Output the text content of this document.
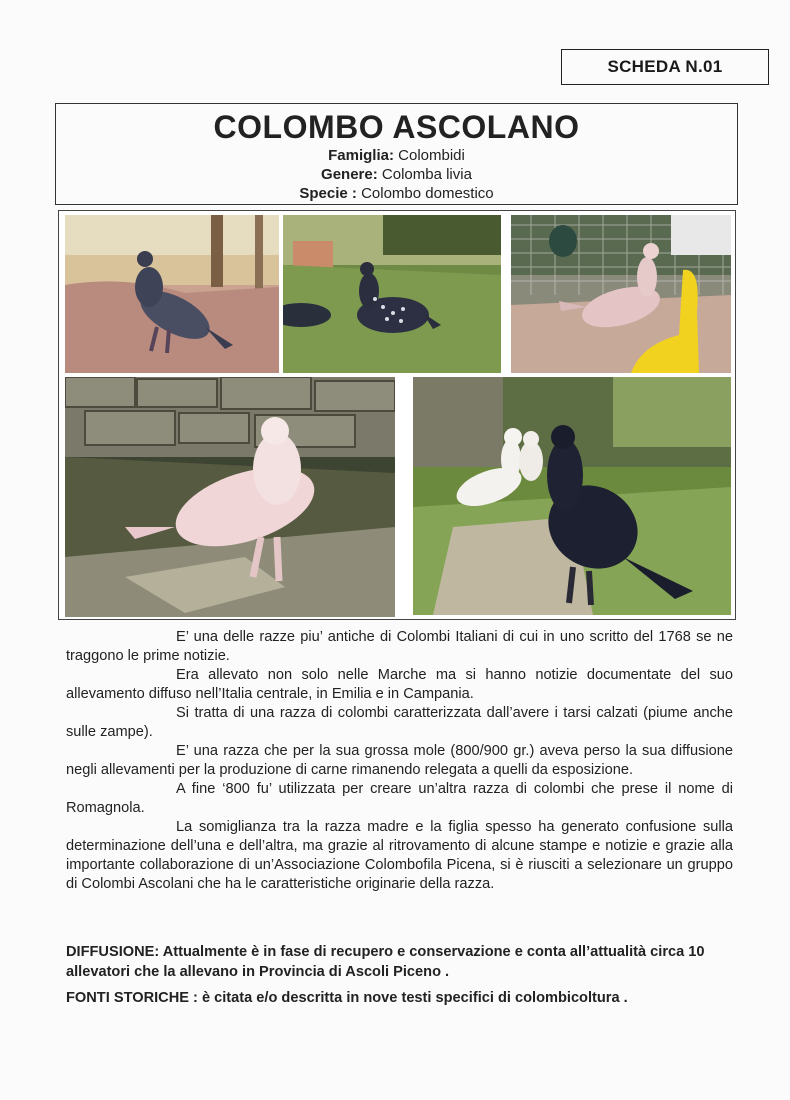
SCHEDA N.01
COLOMBO ASCOLANO
Famiglia: Colombidi
Genere: Colomba livia
Specie : Colombo domestico

E’ una delle razze piu’ antiche di Colombi Italiani di cui in uno scritto del 1768 se ne traggono le prime notizie.

Era allevato non solo nelle Marche ma si hanno notizie documentate del suo allevamento diffuso nell’Italia centrale, in Emilia e in Campania.

Si tratta di una razza di colombi caratterizzata dall’avere i tarsi calzati (piume anche sulle zampe).

E’ una razza che per la sua grossa mole (800/900 gr.) aveva perso la sua diffusione negli allevamenti per la produzione di carne rimanendo relegata a quelli da esposizione.

A fine ‘800 fu’ utilizzata per creare un’altra razza di colombi che prese il nome di Romagnola.

La somiglianza tra la razza madre e la figlia spesso ha generato confusione sulla determinazione dell’una e dell’altra, ma grazie al ritrovamento di alcune stampe e notizie e grazie alla importante collaborazione di un’Associazione Colombofila Picena, si è riusciti a selezionare un gruppo di Colombi Ascolani che ha le caratteristiche originarie della razza.

DIFFUSIONE: Attualmente è in fase di recupero e conservazione e conta all’attualità circa 10 allevatori che la allevano in Provincia di Ascoli Piceno .
FONTI STORICHE : è citata e/o descritta in nove testi specifici di colombicoltura .
